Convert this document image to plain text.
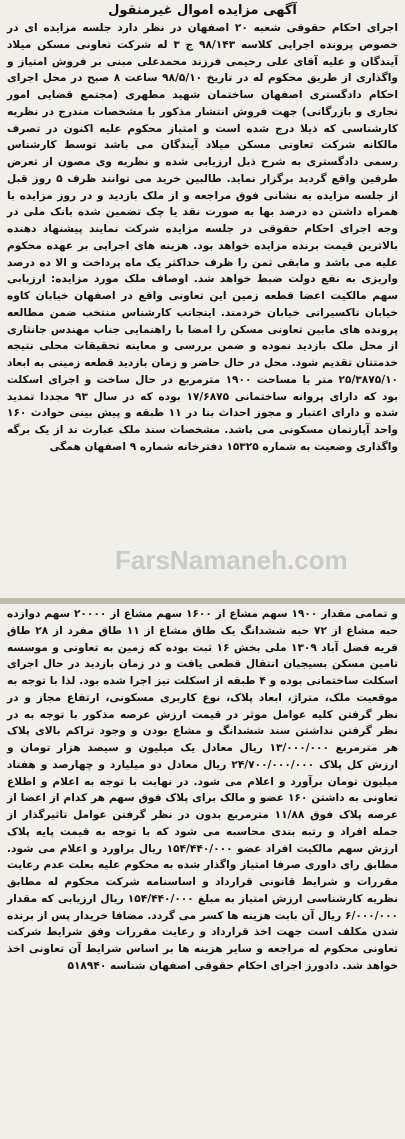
آگهی مزایده اموال غیرمنقول

اجرای احکام حقوقی شعبه ۲۰ اصفهان در نظر دارد جلسه مزایده ای در خصوص پرونده اجرایی کلاسه ۹۸/۱۴۳ ج ۳ له شرکت تعاونی مسکن میلاد آیندگان و علیه آقای علی رحیمی فرزند محمدعلی مبنی بر فروش امتیاز و واگذاری از طریق محکوم له در تاریخ ۹۸/۵/۱۰ ساعت ۸ صبح در محل اجرای احکام دادگستری اصفهان ساختمان شهید مطهری (مجتمع قضایی امور تجاری و بازرگانی) جهت فروش انتشار مذکور با مشخصات مندرج در نظریه کارشناسی که ذیلا درج شده است و امتیاز محکوم علیه اکنون در تصرف مالکانه شرکت تعاونی مسکن میلاد آیندگان می باشد توسط کارشناس رسمی دادگستری به شرح ذیل ارزیابی شده و نظریه وی مصون از تعرض طرفین واقع گردید برگزار نماید. طالبین خرید می توانند ظرف ۵ روز قبل از جلسه مزایده به نشانی فوق مراجعه و از ملک بازدید و در روز مزایده با همراه داشتن ده درصد بها به صورت نقد یا چک تضمین شده بانک ملی در وجه اجرای احکام حقوقی در جلسه مزایده شرکت نمایند پیشنهاد دهنده بالاترین قیمت برنده مزایده خواهد بود. هزینه های اجرایی بر عهده محکوم علیه می باشد و مابقی ثمن را ظرف حداکثر یک ماه پرداخت و الا ده درصد واریزی به نفع دولت ضبط خواهد شد. اوصاف ملک مورد مزایده: ارزیابی سهم مالکیت اعضا قطعه زمین این تعاونی واقع در اصفهان خیابان کاوه خیابان تاکسیرانی خیابان خردمند. اینجانب کارشناس منتخب ضمن مطالعه پرونده های مابین تعاونی مسکن را امضا با راهنمایی جناب مهندس جانثاری از محل ملک بازدید نموده و ضمن بررسی و معاینه تحقیقات محلی نتیجه خدمتتان تقدیم شود. محل در حال حاضر و زمان بازدید قطعه زمینی به ابعاد ۲۵/۳۸۷۵/۱۰ متر با مساحت ۱۹۰۰ مترمربع در حال ساخت و اجرای اسکلت بود که دارای پروانه ساختمانی ۱۷/۶۸۷۵ بوده که در سال ۹۳ مجددا تمدید شده و دارای اعتبار و مجوز احداث بنا در ۱۱ طبقه و پیش بینی حوادث ۱۶۰ واحد آپارتمان مسکونی می باشد. مشخصات سند ملک عبارت ند از یک برگه واگذاری وضعیت به شماره ۱۵۳۲۵ دفترخانه شماره ۹ اصفهان همگی

و تمامی مقدار ۱۹۰۰ سهم مشاع از ۱۶۰۰ سهم مشاع از ۲۰۰۰۰ سهم دوازده حبه مشاع از ۷۲ حبه ششدانگ یک طاق مشاع از ۱۱ طاق مفرد از ۲۸ طاق قریه فضل آباد ۱۳۰۹ ملی بخش ۱۶ ثبت بوده که زمین به تعاونی و موسسه تامین مسکن بسیجیان انتقال قطعی یافت و در زمان بازدید در حال اجرای اسکلت ساختمانی بوده و ۴ طبقه از اسکلت نیز اجرا شده بود. لذا با توجه به موقعیت ملک، متراژ، ابعاد پلاک، نوع کاربری مسکونی، ارتفاع مجاز و در نظر گرفتن کلیه عوامل موثر در قیمت ارزش عرصه مذکور با توجه به در نظر گرفتن نداشتن سند ششدانگ و مشاع بودن و وجود تراکم بالای پلاک هر مترمربع ۱۳/۰۰۰/۰۰۰ ریال معادل یک میلیون و سیصد هزار تومان و ارزش کل پلاک ۲۴/۷۰۰/۰۰۰/۰۰۰ ریال معادل دو میلیارد و چهارصد و هفتاد میلیون تومان برآورد و اعلام می شود. در نهایت با توجه به اعلام و اطلاع تعاونی به داشتن ۱۶۰ عضو و مالک برای پلاک فوق سهم هر کدام از اعضا از عرصه پلاک فوق ۱۱/۸۸ مترمربع بدون در نظر گرفتن عوامل تاثیرگذار از جمله افراد و رتبه بندی محاسبه می شود که با توجه به قیمت پایه پلاک ارزش سهم مالکیت افراد عضو ۱۵۴/۴۴۰/۰۰۰ ریال براورد و اعلام می شود. مطابق رای داوری صرفا امتیاز واگذار شده به محکوم علیه بعلت عدم رعایت مقررات و شرایط قانونی قرارداد و اساسنامه شرکت محکوم له مطابق نظریه کارشناسی ارزش امتیاز به مبلغ ۱۵۴/۴۴۰/۰۰۰ ریال ارزیابی که مقدار ۶/۰۰۰/۰۰۰ ریال آن بابت هزینه ها کسر می گردد. مضافا خریدار پس از برنده شدن مکلف است جهت اخذ قرارداد و رعایت مقررات وفق شرایط شرکت تعاونی محکوم له مراجعه و سایر هزینه ها بر اساس شرایط آن تعاونی اخذ خواهد شد. دادورز اجرای احکام حقوقی اصفهان شناسه ۵۱۸۹۴۰

FarsNamaneh.com
